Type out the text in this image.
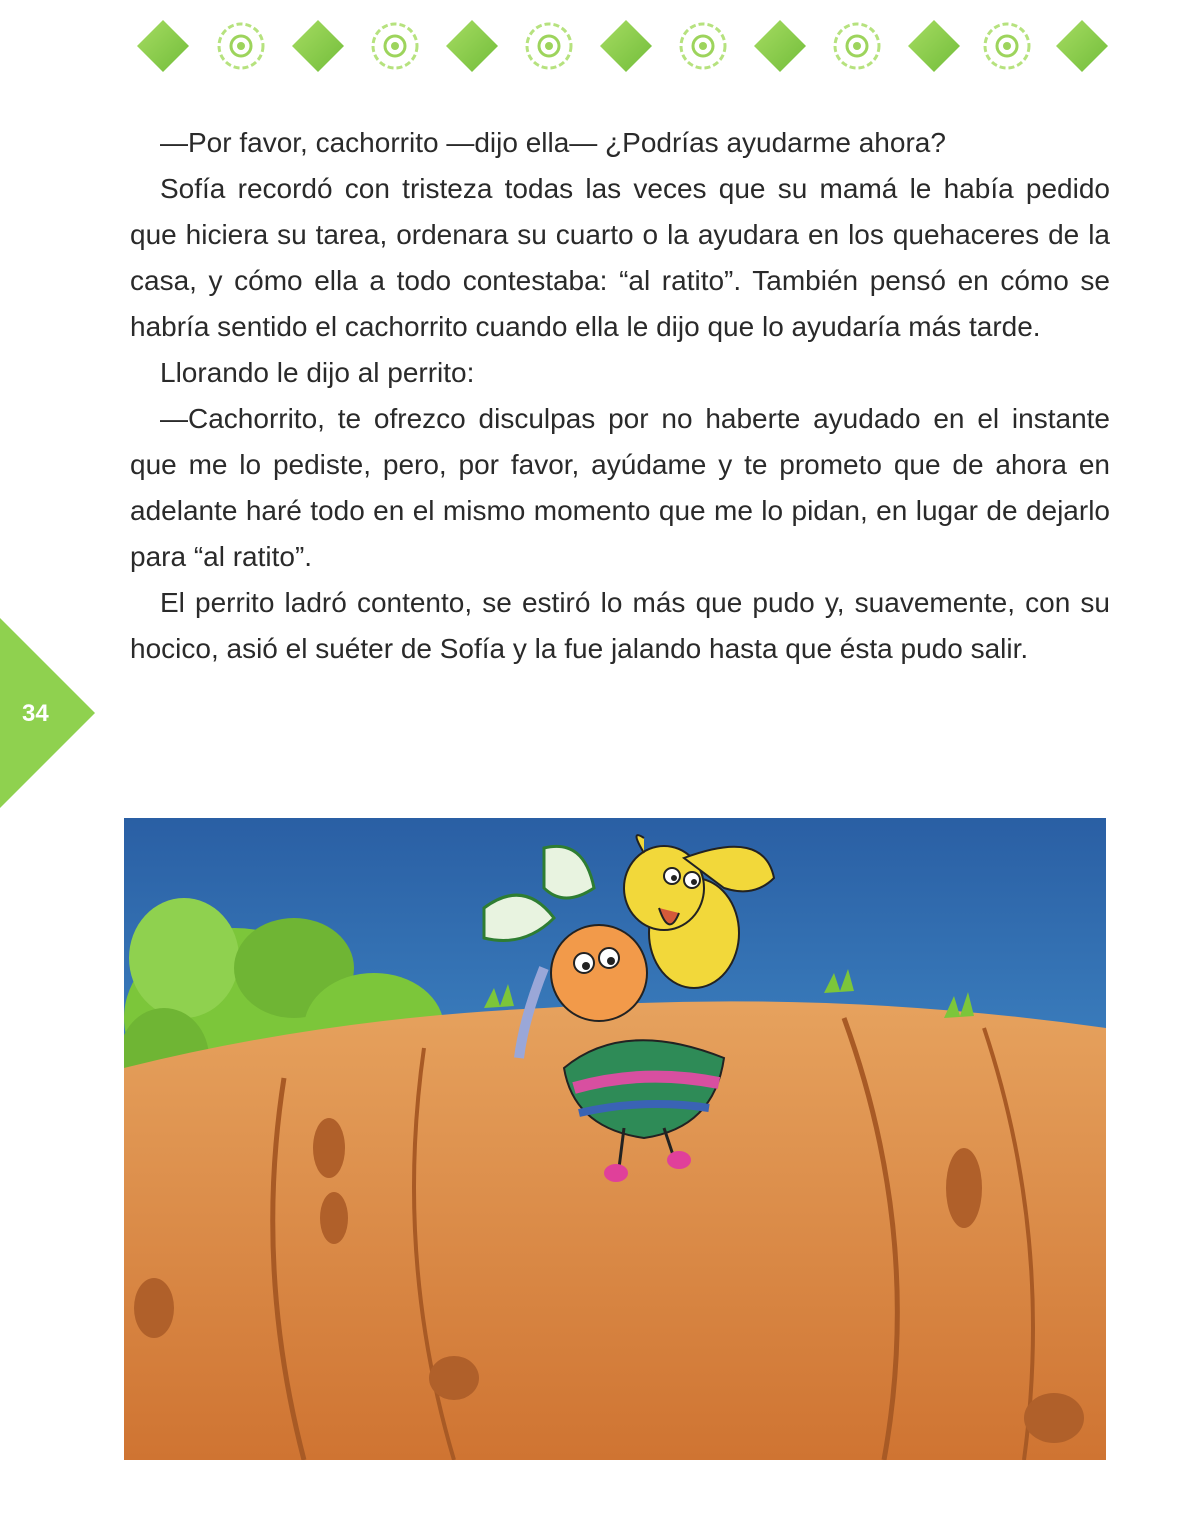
34

—Por favor, cachorrito —dijo ella— ¿Podrías ayudarme ahora?

Sofía recordó con tristeza todas las veces que su mamá le había pedido que hiciera su tarea, ordenara su cuarto o la ayudara en los quehaceres de la casa, y cómo ella a todo contestaba: “al ratito”. También pensó en cómo se habría sentido el cachorrito cuando ella le dijo que lo ayudaría más tarde.

Llorando le dijo al perrito:

—Cachorrito, te ofrezco disculpas por no haberte ayudado en el instante que me lo pediste, pero, por favor, ayúdame y te prometo que de ahora en adelante haré todo en el mismo momento que me lo pidan, en lugar de dejarlo para “al ratito”.

El perrito ladró contento, se estiró lo más que pudo y, suavemente, con su hocico, asió el suéter de Sofía y la fue jalando hasta que ésta pudo salir.
